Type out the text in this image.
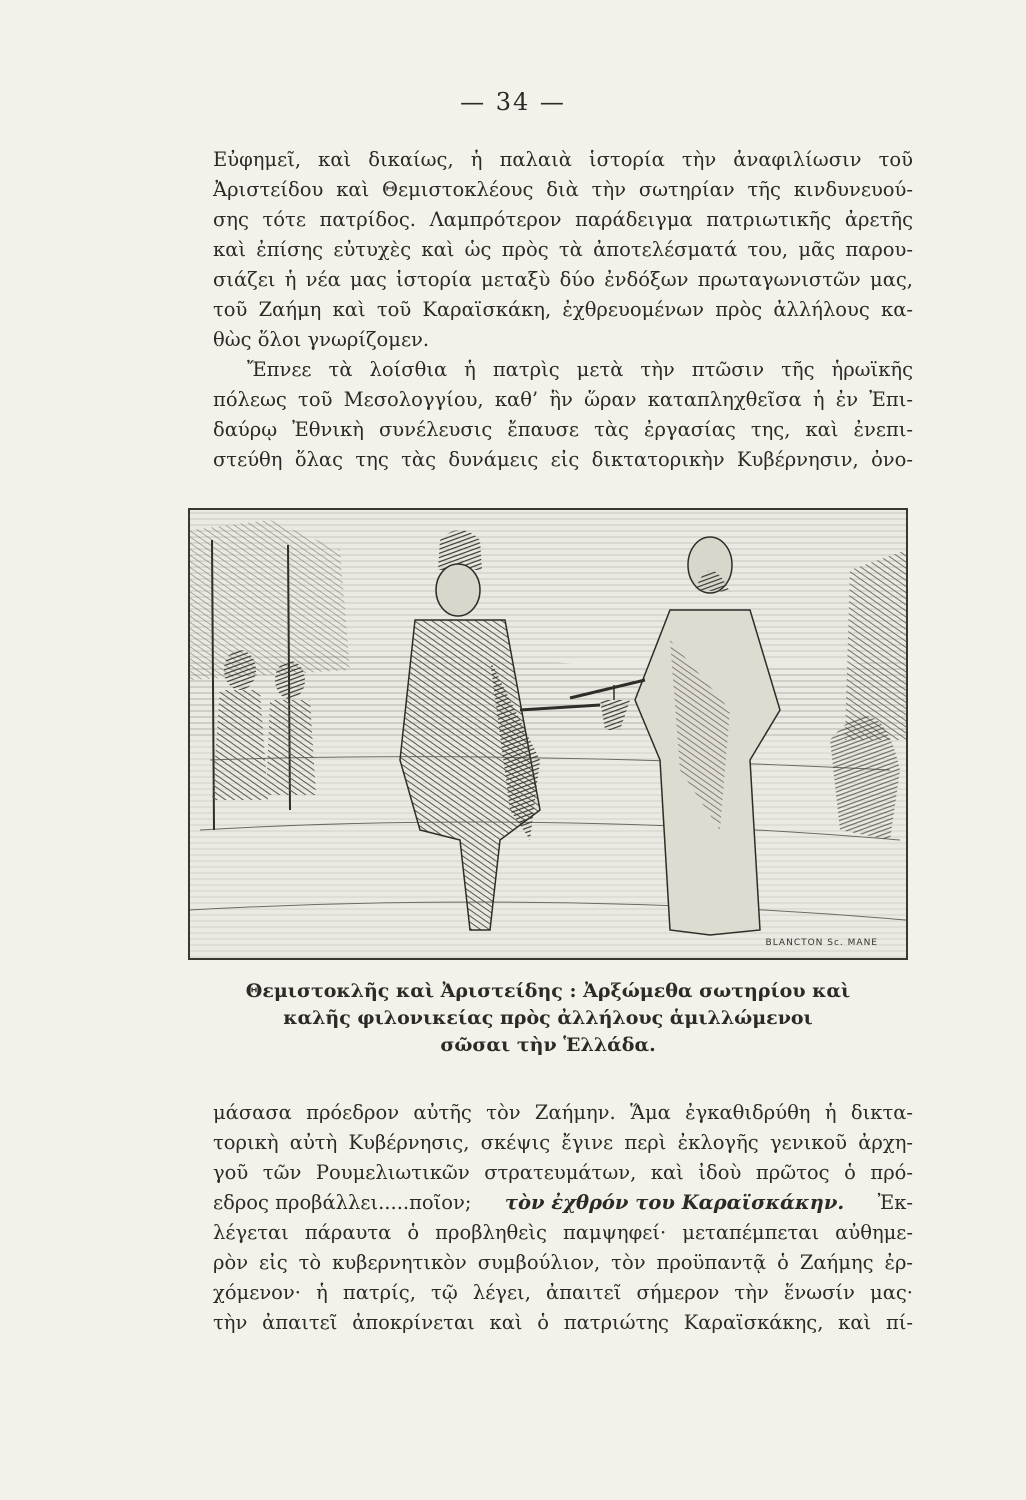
— 34 —
Εὐφημεῖ, καὶ δικαίως, ἡ παλαιὰ ἱστορία τὴν ἀναφιλίωσιν τοῦ
Ἀριστείδου καὶ Θεμιστοκλέους διὰ τὴν σωτηρίαν τῆς κινδυνευού-
σης τότε πατρίδος. Λαμπρότερον παράδειγμα πατριωτικῆς ἀρετῆς
καὶ ἐπίσης εὐτυχὲς καὶ ὡς πρὸς τὰ ἀποτελέσματά του, μᾶς παρου-
σιάζει ἡ νέα μας ἱστορία μεταξὺ δύο ἐνδόξων πρωταγωνιστῶν μας,
τοῦ Ζαήμη καὶ τοῦ Καραϊσκάκη, ἐχθρευομένων πρὸς ἀλλήλους κα-
θὼς ὅλοι γνωρίζομεν.
Ἔπνεε τὰ λοίσθια ἡ πατρὶς μετὰ τὴν πτῶσιν τῆς ἡρωϊκῆς
πόλεως τοῦ Μεσολογγίου, καθ’ ἣν ὥραν καταπληχθεῖσα ἡ ἐν Ἐπι-
δαύρῳ Ἐθνικὴ συνέλευσις ἔπαυσε τὰς ἐργασίας της, καὶ ἐνεπι-
στεύθη ὅλας της τὰς δυνάμεις εἰς δικτατορικὴν Κυβέρνησιν, ὀνο-
BLANCTON Sc. MANE
Θεμιστοκλῆς καὶ Ἀριστείδης : Ἀρξώμεθα σωτηρίου καὶ
καλῆς φιλονικείας πρὸς ἀλλήλους ἁμιλλώμενοι
σῶσαι τὴν Ἑλλάδα.
μάσασα πρόεδρον αὐτῆς τὸν Ζαήμην. Ἅμα ἐγκαθιδρύθη ἡ δικτα-
τορικὴ αὐτὴ Κυβέρνησις, σκέψις ἔγινε περὶ ἐκλογῆς γενικοῦ ἀρχη-
γοῦ τῶν Ρουμελιωτικῶν στρατευμάτων, καὶ ἰδοὺ πρῶτος ὁ πρό-
εδρος προβάλλει.....ποῖον; τὸν ἐχθρόν του Καραϊσκάκην. Ἐκ-
λέγεται πάραυτα ὁ προβληθεὶς παμψηφεί· μεταπέμπεται αὐθημε-
ρὸν εἰς τὸ κυβερνητικὸν συμβούλιον, τὸν προϋπαντᾷ ὁ Ζαήμης ἐρ-
χόμενον· ἡ πατρίς, τῷ λέγει, ἀπαιτεῖ σήμερον τὴν ἕνωσίν μας·
τὴν ἀπαιτεῖ ἀποκρίνεται καὶ ὁ πατριώτης Καραϊσκάκης, καὶ πί-
